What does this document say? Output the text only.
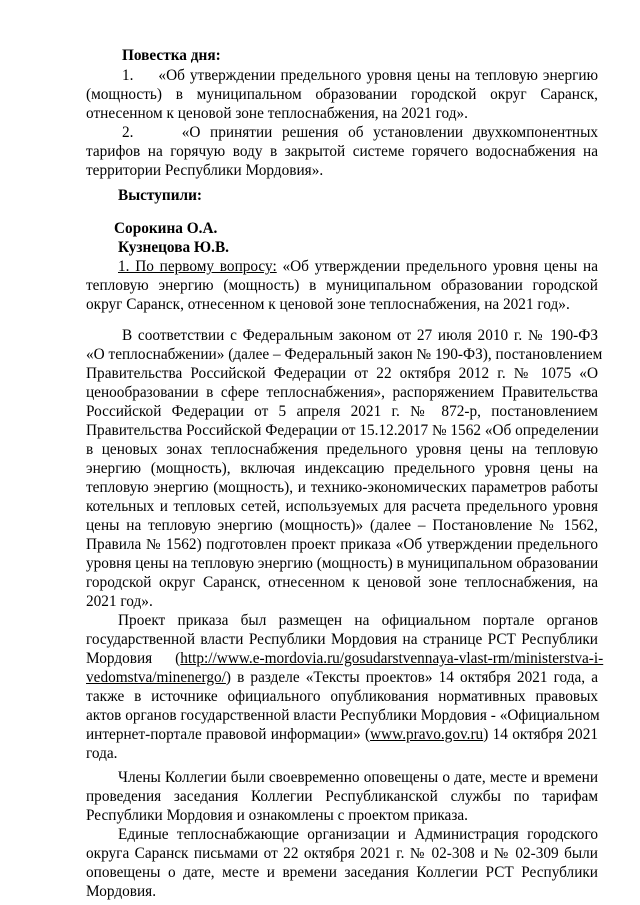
Повестка дня:
1.     «Об утверждении предельного уровня цены на тепловую энергию
(мощность) в муниципальном образовании городской округ Саранск,
отнесенном к ценовой зоне теплоснабжения, на 2021 год».
2.     «О принятии решения об установлении двухкомпонентных
тарифов на горячую воду в закрытой системе горячего водоснабжения на
территории Республики Мордовия».
Выступили:
Сорокина О.А.
Кузнецова Ю.В.
1. По первому вопросу: «Об утверждении предельного уровня цены на
тепловую энергию (мощность) в муниципальном образовании городской
округ Саранск, отнесенном к ценовой зоне теплоснабжения, на 2021 год».
В соответствии с Федеральным законом от 27 июля 2010 г. № 190-ФЗ
«О теплоснабжении» (далее – Федеральный закон № 190-ФЗ), постановлением
Правительства Российской Федерации от 22 октября 2012 г. № 1075 «О
ценообразовании в сфере теплоснабжения», распоряжением Правительства
Российской Федерации от 5 апреля 2021 г. № 872-р, постановлением
Правительства Российской Федерации от 15.12.2017 № 1562 «Об определении
в ценовых зонах теплоснабжения предельного уровня цены на тепловую
энергию (мощность), включая индексацию предельного уровня цены на
тепловую энергию (мощность), и технико-экономических параметров работы
котельных и тепловых сетей, используемых для расчета предельного уровня
цены на тепловую энергию (мощность)» (далее – Постановление № 1562,
Правила № 1562) подготовлен проект приказа «Об утверждении предельного
уровня цены на тепловую энергию (мощность) в муниципальном образовании
городской округ Саранск, отнесенном к ценовой зоне теплоснабжения, на
2021 год».
Проект приказа был размещен на официальном портале органов
государственной власти Республики Мордовия на странице РСТ Республики
Мордовия      (http://www.e-mordovia.ru/gosudarstvennaya-vlast-rm/ministerstva-i-
vedomstva/minenergo/) в разделе «Тексты проектов» 14 октября 2021 года, а
также в источнике официального опубликования нормативных правовых
актов органов государственной власти Республики Мордовия - «Официальном
интернет-портале правовой информации» (www.pravo.gov.ru) 14 октября 2021
года.
Члены Коллегии были своевременно оповещены о дате, месте и времени
проведения заседания Коллегии Республиканской службы по тарифам
Республики Мордовия и ознакомлены с проектом приказа.
Единые теплоснабжающие организации и Администрация городского
округа Саранск письмами от 22 октября 2021 г. № 02-308 и № 02-309 были
оповещены о дате, месте и времени заседания Коллегии РСТ Республики
Мордовия.
